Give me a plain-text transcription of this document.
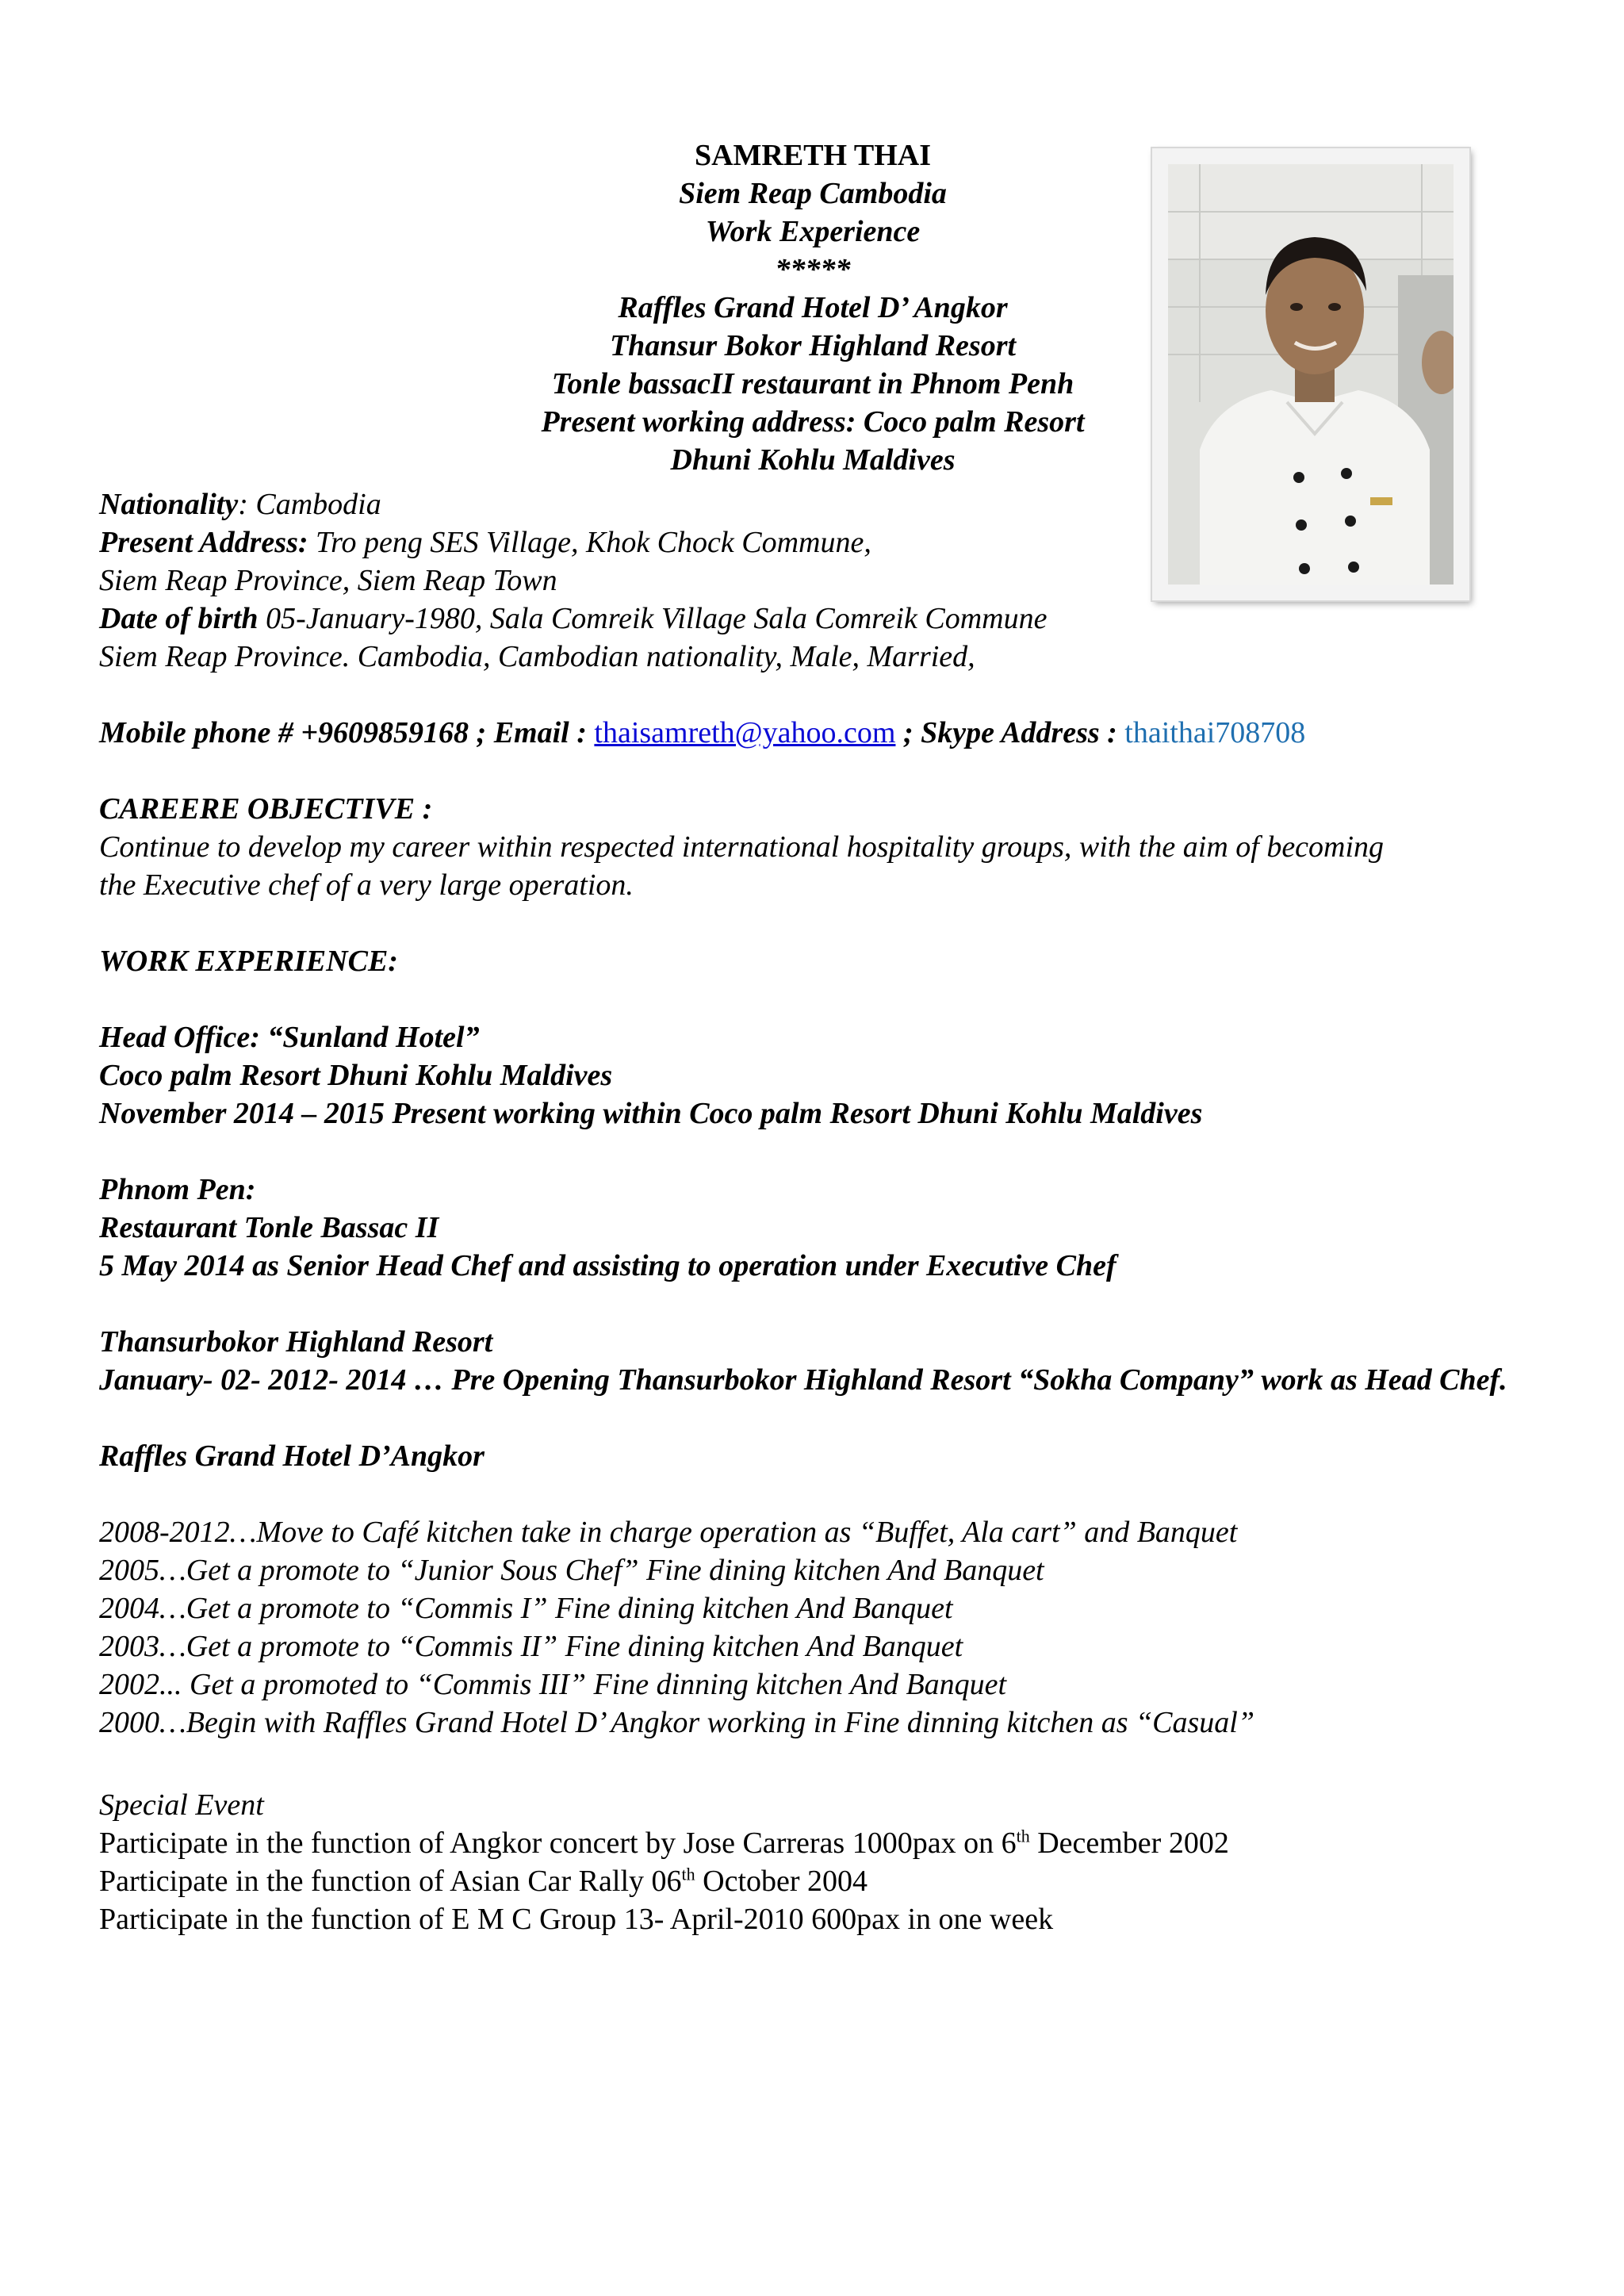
SAMRETH THAI
Siem Reap Cambodia
Work Experience
*****
Raffles Grand Hotel D’ Angkor
Thansur Bokor Highland Resort
Tonle bassacII restaurant in Phnom Penh
Present working address: Coco palm Resort
Dhuni Kohlu Maldives
Nationality: Cambodia
Present Address: Tro peng SES Village, Khok Chock Commune,
Siem Reap Province, Siem Reap Town
Date of birth 05-January-1980, Sala Comreik Village Sala Comreik Commune
Siem Reap Province. Cambodia, Cambodian nationality, Male, Married,
Mobile phone # +9609859168 ; Email : thaisamreth@yahoo.com ; Skype Address : thaithai708708
CAREERE OBJECTIVE :
Continue to develop my career within respected international hospitality groups, with the aim of becoming
the Executive chef of a very large operation.
WORK EXPERIENCE:
Head Office: “Sunland Hotel”
Coco palm Resort Dhuni Kohlu Maldives
November 2014 – 2015 Present working within Coco palm Resort Dhuni Kohlu Maldives
Phnom Pen:
Restaurant Tonle Bassac II
5 May 2014 as Senior Head Chef and assisting to operation under Executive Chef
Thansurbokor Highland Resort
January- 02- 2012- 2014 … Pre Opening Thansurbokor Highland Resort “Sokha Company” work as Head Chef.
Raffles Grand Hotel D’Angkor
2008-2012…Move to Café kitchen take in charge operation as “Buffet, Ala cart” and Banquet
2005…Get a promote to “Junior Sous Chef” Fine dining kitchen And Banquet
2004…Get a promote to “Commis I” Fine dining kitchen And Banquet
2003…Get a promote to “Commis II” Fine dining kitchen And Banquet
2002... Get a promoted to “Commis III” Fine dinning kitchen And Banquet
2000…Begin with Raffles Grand Hotel D’ Angkor working in Fine dinning kitchen as “Casual”
Special Event
Participate in the function of Angkor concert by Jose Carreras 1000pax on 6th December 2002
Participate in the function of Asian Car Rally 06th October 2004
Participate in the function of E M C Group 13- April-2010 600pax in one week
